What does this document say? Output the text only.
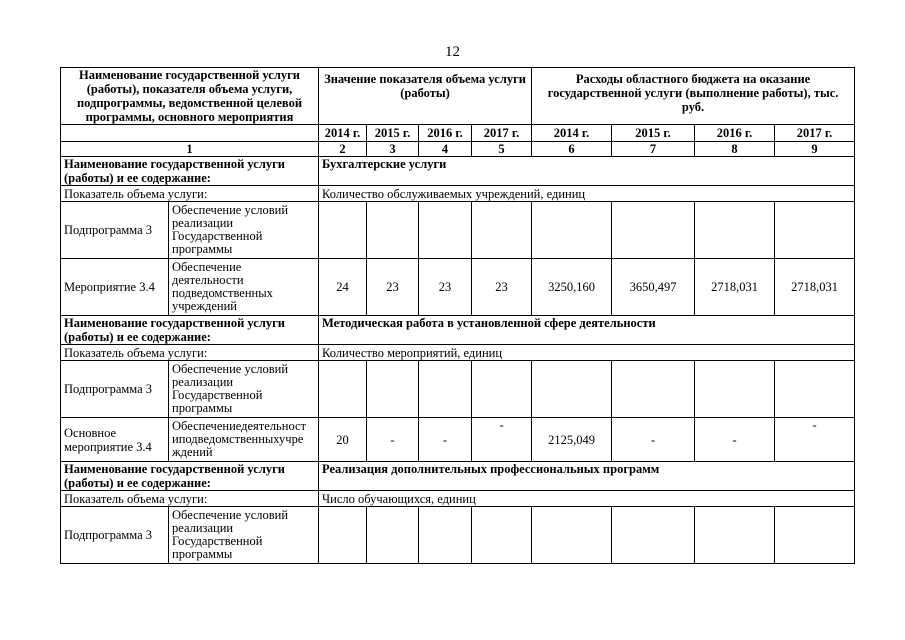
12
Наименование государственной услуги (работы), показателя объема услуги, подпрограммы, ведомственной целевой программы, основного мероприятия		Значение показателя объема услуги (работы)				Расходы областного бюджета на оказание государственной услуги (выполнение работы), тыс. руб.			
		2014 г.	2015 г.	2016 г.	2017 г.	2014 г.	2015 г.	2016 г.	2017 г.
1		2	3	4	5	6	7	8	9
Наименование государственной услуги (работы) и ее содержание:		Бухгалтерские услуги							
Показатель объема услуги:		Количество обслуживаемых учреждений, единиц							
Подпрограмма 3	Обеспечение условий реализации Государственной программы								
Мероприятие 3.4	Обеспечение деятельности подведомственных учреждений	24	23	23	23	3250,160	3650,497	2718,031	2718,031
Наименование государственной услуги (работы) и ее содержание:		Методическая работа в установленной сфере деятельности							
Показатель объема услуги:		Количество мероприятий, единиц							
Подпрограмма 3	Обеспечение условий реализации Государственной программы								
Основное мероприятие 3.4	Обеспечениедеятельност иподведомственныхучре ждений	20	-	-	-	2125,049	-	-	-
Наименование государственной услуги (работы) и ее содержание:		Реализация дополнительных профессиональных программ							
Показатель объема услуги:		Число обучающихся, единиц							
Подпрограмма 3	Обеспечение условий реализации Государственной программы								
